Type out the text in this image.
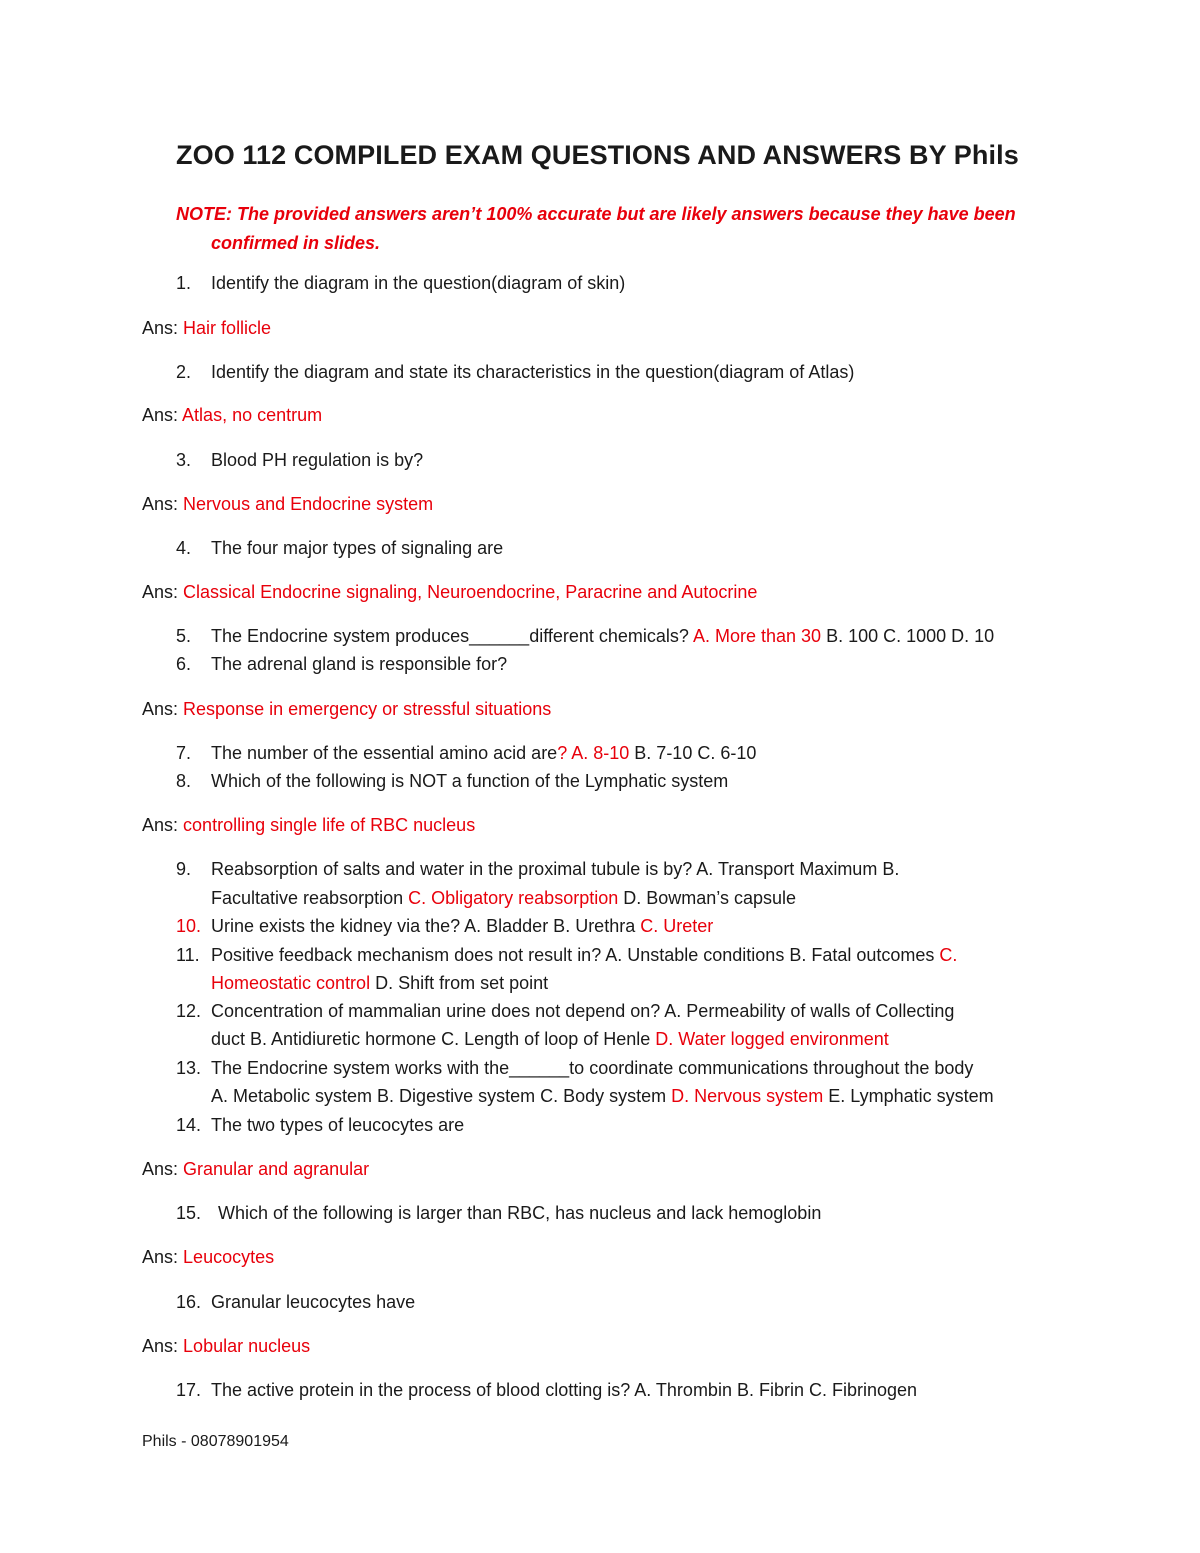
ZOO 112 COMPILED EXAM QUESTIONS AND ANSWERS BY Phils
NOTE: The provided answers aren’t 100% accurate but are likely answers because they have been
confirmed in slides.
1. Identify the diagram in the question(diagram of skin)
Ans: Hair follicle
2. Identify the diagram and state its characteristics in the question(diagram of Atlas)
Ans: Atlas, no centrum
3. Blood PH regulation is by?
Ans: Nervous and Endocrine system
4. The four major types of signaling are
Ans: Classical Endocrine signaling, Neuroendocrine, Paracrine and Autocrine
5. The Endocrine system produces______different chemicals? A. More than 30 B. 100 C. 1000 D. 10
6. The adrenal gland is responsible for?
Ans: Response in emergency or stressful situations
7. The number of the essential amino acid are? A. 8-10 B. 7-10 C. 6-10
8. Which of the following is NOT a function of the Lymphatic system
Ans: controlling single life of RBC nucleus
9. Reabsorption of salts and water in the proximal tubule is by? A. Transport Maximum B.
Facultative reabsorption C. Obligatory reabsorption D. Bowman’s capsule
10. Urine exists the kidney via the? A. Bladder B. Urethra C. Ureter
11. Positive feedback mechanism does not result in? A. Unstable conditions B. Fatal outcomes C.
Homeostatic control D. Shift from set point
12. Concentration of mammalian urine does not depend on? A. Permeability of walls of Collecting
duct B. Antidiuretic hormone C. Length of loop of Henle D. Water logged environment
13. The Endocrine system works with the______to coordinate communications throughout the body
A. Metabolic system B. Digestive system C. Body system D. Nervous system E. Lymphatic system
14. The two types of leucocytes are
Ans: Granular and agranular
15. Which of the following is larger than RBC, has nucleus and lack hemoglobin
Ans: Leucocytes
16. Granular leucocytes have
Ans: Lobular nucleus
17. The active protein in the process of blood clotting is? A. Thrombin B. Fibrin C. Fibrinogen
Phils - 08078901954
